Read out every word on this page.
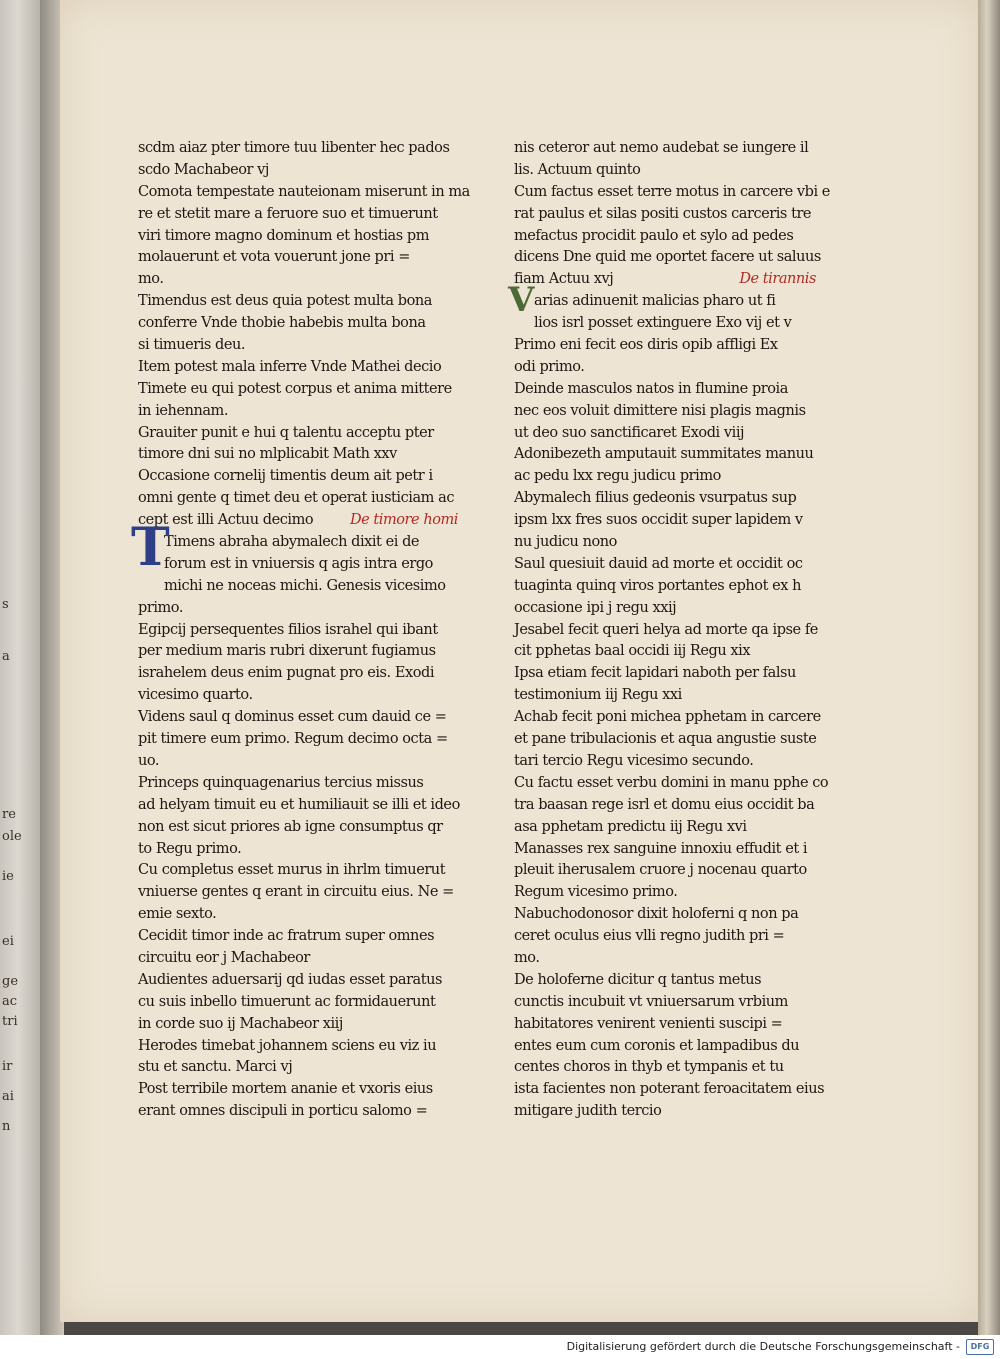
s
a
re
ole
ie
ei
ge
ac
tri
ir
ai
n
scdm aiaz pter timore tuu libenter hec pados
scdo Machabeor vj
Comota tempestate nauteionam miserunt in ma
re et stetit mare a feruore suo et timuerunt
viri timore magno dominum et hostias pm
molauerunt et vota vouerunt jone pri =
mo.
Timendus est deus quia potest multa bona
conferre Vnde thobie habebis multa bona
si timueris deu.
Item potest mala inferre Vnde Mathei decio
Timete eu qui potest corpus et anima mittere
in iehennam.
Grauiter punit e hui q talentu acceptu pter
timore dni sui no mlplicabit Math xxv
Occasione cornelij timentis deum ait petr i
omni gente q timet deu et operat iusticiam ac
cept est illi Actuu decimo	De timore homi
Timens abraha abymalech dixit ei de
forum est in vniuersis q agis intra ergo
michi ne noceas michi. Genesis vicesimo
primo.
Egipcij persequentes filios israhel qui ibant
per medium maris rubri dixerunt fugiamus
israhelem deus enim pugnat pro eis. Exodi
vicesimo quarto.
Videns saul q dominus esset cum dauid ce =
pit timere eum primo. Regum decimo octa =
uo.
Princeps quinquagenarius tercius missus
ad helyam timuit eu et humiliauit se illi et ideo
non est sicut priores ab igne consumptus qr
to Regu primo.
Cu completus esset murus in ihrlm timuerut
vniuerse gentes q erant in circuitu eius. Ne =
emie sexto.
Cecidit timor inde ac fratrum super omnes
circuitu eor j Machabeor
Audientes aduersarij qd iudas esset paratus
cu suis inbello timuerunt ac formidauerunt
in corde suo ij Machabeor xiij
Herodes timebat johannem sciens eu viz iu
stu et sanctu. Marci vj
Post terribile mortem ananie et vxoris eius
erant omnes discipuli in porticu salomo =
nis ceteror aut nemo audebat se iungere il
lis. Actuum quinto
Cum factus esset terre motus in carcere vbi e
rat paulus et silas positi custos carceris tre
mefactus procidit paulo et sylo ad pedes
dicens Dne quid me oportet facere ut saluus
fiam Actuu xvj	De tirannis
arias adinuenit malicias pharo ut fi
lios isrl posset extinguere Exo vij et v
Primo eni fecit eos diris opib affligi Ex
odi primo.
Deinde masculos natos in flumine proia
nec eos voluit dimittere nisi plagis magnis
ut deo suo sanctificaret Exodi viij
Adonibezeth amputauit summitates manuu
ac pedu lxx regu judicu primo
Abymalech filius gedeonis vsurpatus sup
ipsm lxx fres suos occidit super lapidem v
nu judicu nono
Saul quesiuit dauid ad morte et occidit oc
tuaginta quinq viros portantes ephot ex h
occasione ipi j regu xxij
Jesabel fecit queri helya ad morte qa ipse fe
cit pphetas baal occidi iij Regu xix
Ipsa etiam fecit lapidari naboth per falsu
testimonium iij Regu xxi
Achab fecit poni michea pphetam in carcere
et pane tribulacionis et aqua angustie suste
tari tercio Regu vicesimo secundo.
Cu factu esset verbu domini in manu pphe co
tra baasan rege isrl et domu eius occidit ba
asa pphetam predictu iij Regu xvi
Manasses rex sanguine innoxiu effudit et i
pleuit iherusalem cruore j nocenau quarto
Regum vicesimo primo.
Nabuchodonosor dixit holoferni q non pa
ceret oculus eius vlli regno judith pri =
mo.
De holoferne dicitur q tantus metus
cunctis incubuit vt vniuersarum vrbium
habitatores venirent venienti suscipi =
entes eum cum coronis et lampadibus du
centes choros in thyb et tympanis et tu
ista facientes non poterant feroacitatem eius
mitigare judith tercio
T
V
Digitalisierung gefördert durch die Deutsche Forschungsgemeinschaft -	DFG
